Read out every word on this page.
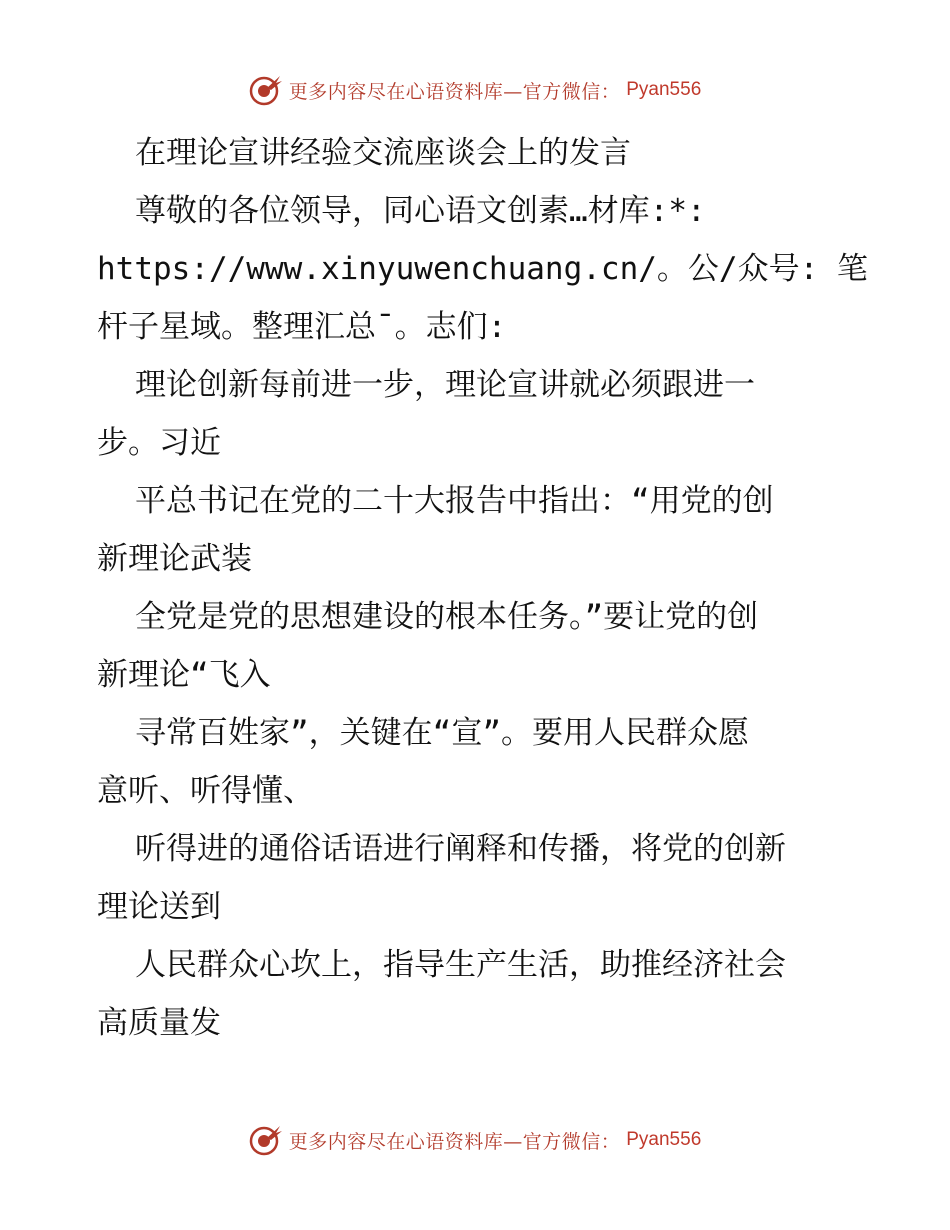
更多内容尽在心语资料库—官方微信： Pyan556
在理论宣讲经验交流座谈会上的发言
尊敬的各位领导，同心语文创素…材库:*:
https://www.xinyuwenchuang.cn/。公/众号: 笔
杆子星域。整理汇总¯。志们:
理论创新每前进一步，理论宣讲就必须跟进一
步。习近
平总书记在党的二十大报告中指出：“用党的创
新理论武装
全党是党的思想建设的根本任务。”要让党的创
新理论“飞入
寻常百姓家”，关键在“宣”。要用人民群众愿
意听、听得懂、
听得进的通俗话语进行阐释和传播，将党的创新
理论送到
人民群众心坎上，指导生产生活，助推经济社会
高质量发
更多内容尽在心语资料库—官方微信： Pyan556
